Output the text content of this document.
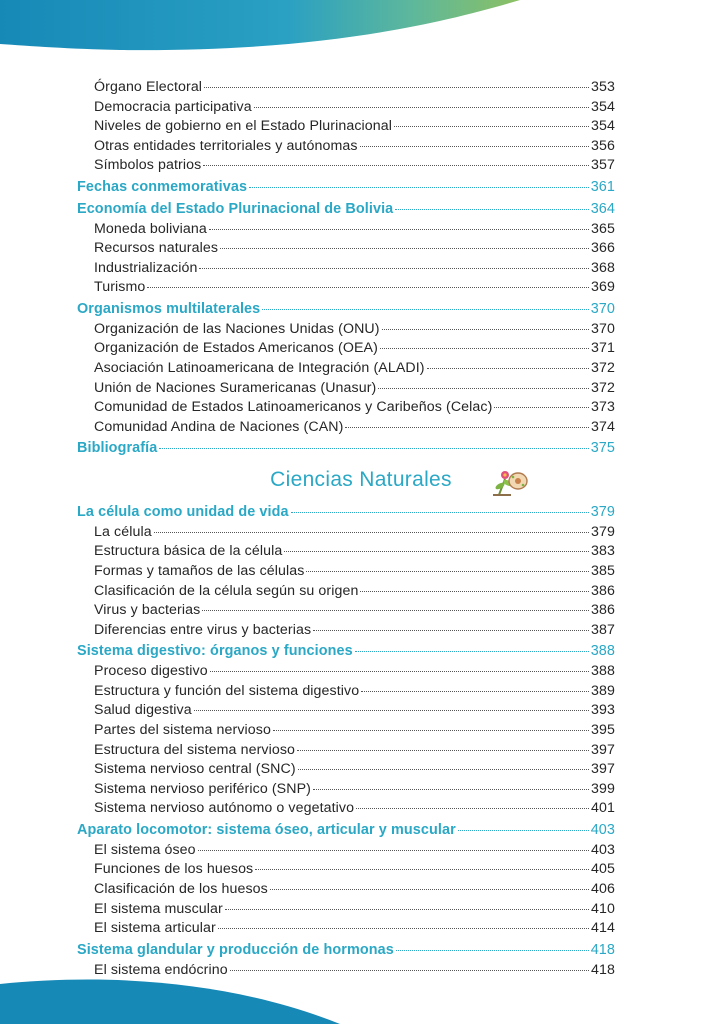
Órgano Electoral	353
Democracia participativa	354
Niveles de gobierno en el Estado Plurinacional	354
Otras entidades territoriales y autónomas	356
Símbolos patrios	357
Fechas conmemorativas	361
Economía del Estado Plurinacional de Bolivia	364
Moneda boliviana	365
Recursos naturales	366
Industrialización	368
Turismo	369
Organismos multilaterales	370
Organización de las Naciones Unidas (ONU)	370
Organización de Estados Americanos (OEA)	371
Asociación Latinoamericana de Integración (ALADI)	372
Unión de Naciones Suramericanas (Unasur)	372
Comunidad de Estados Latinoamericanos y Caribeños (Celac)	373
Comunidad Andina de Naciones (CAN)	374
Bibliografía	375
Ciencias Naturales
La célula como unidad de vida	379
La célula	379
Estructura básica de la célula	383
Formas y tamaños de las células	385
Clasificación de la célula según su origen	386
Virus y bacterias	386
Diferencias entre virus y bacterias	387
Sistema digestivo: órganos y funciones	388
Proceso digestivo	388
Estructura y función del sistema digestivo	389
Salud digestiva	393
Partes del sistema nervioso	395
Estructura del sistema nervioso	397
Sistema nervioso central (SNC)	397
Sistema nervioso periférico (SNP)	399
Sistema nervioso autónomo o vegetativo	401
Aparato locomotor: sistema óseo, articular y muscular	403
El sistema óseo	403
Funciones de los huesos	405
Clasificación de los huesos	406
El sistema muscular	410
El sistema articular	414
Sistema glandular y producción de hormonas	418
El sistema endócrino	418
